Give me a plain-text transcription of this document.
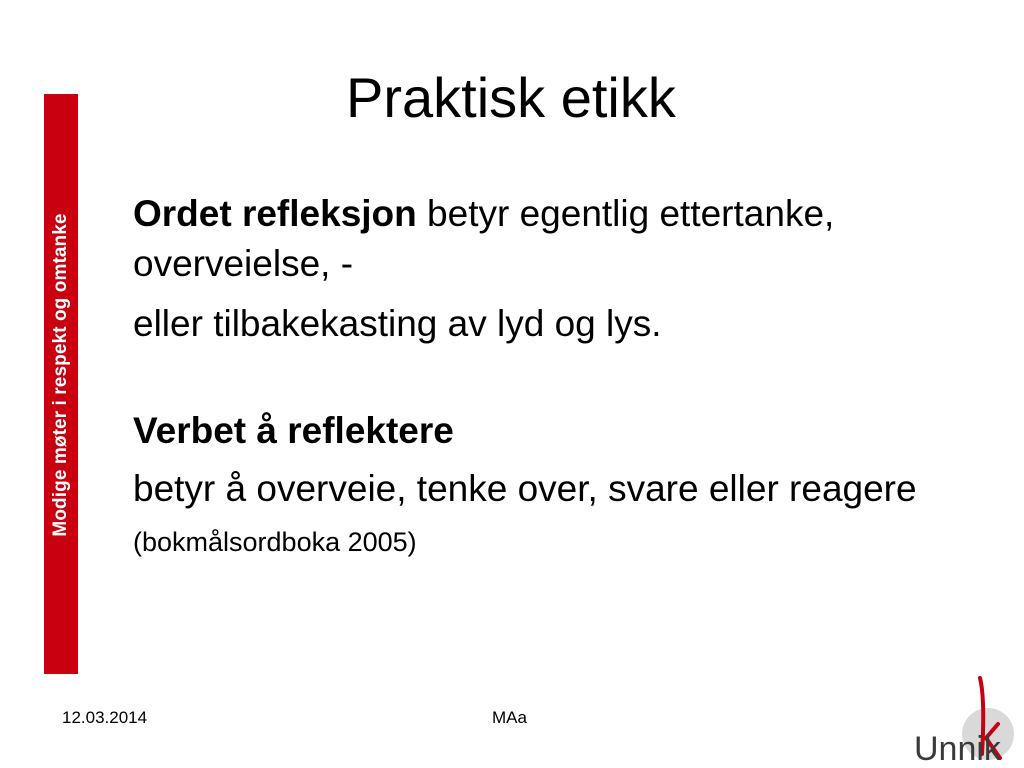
Modige møter i respekt og omtanke
Praktisk etikk

Ordet refleksjon betyr egentlig ettertanke, overveielse, -

eller tilbakekasting av lyd og lys.

Verbet å reflektere

betyr å overveie, tenke over, svare eller reagere (bokmålsordboka 2005)

12.03.2014	MAa
Unnik
